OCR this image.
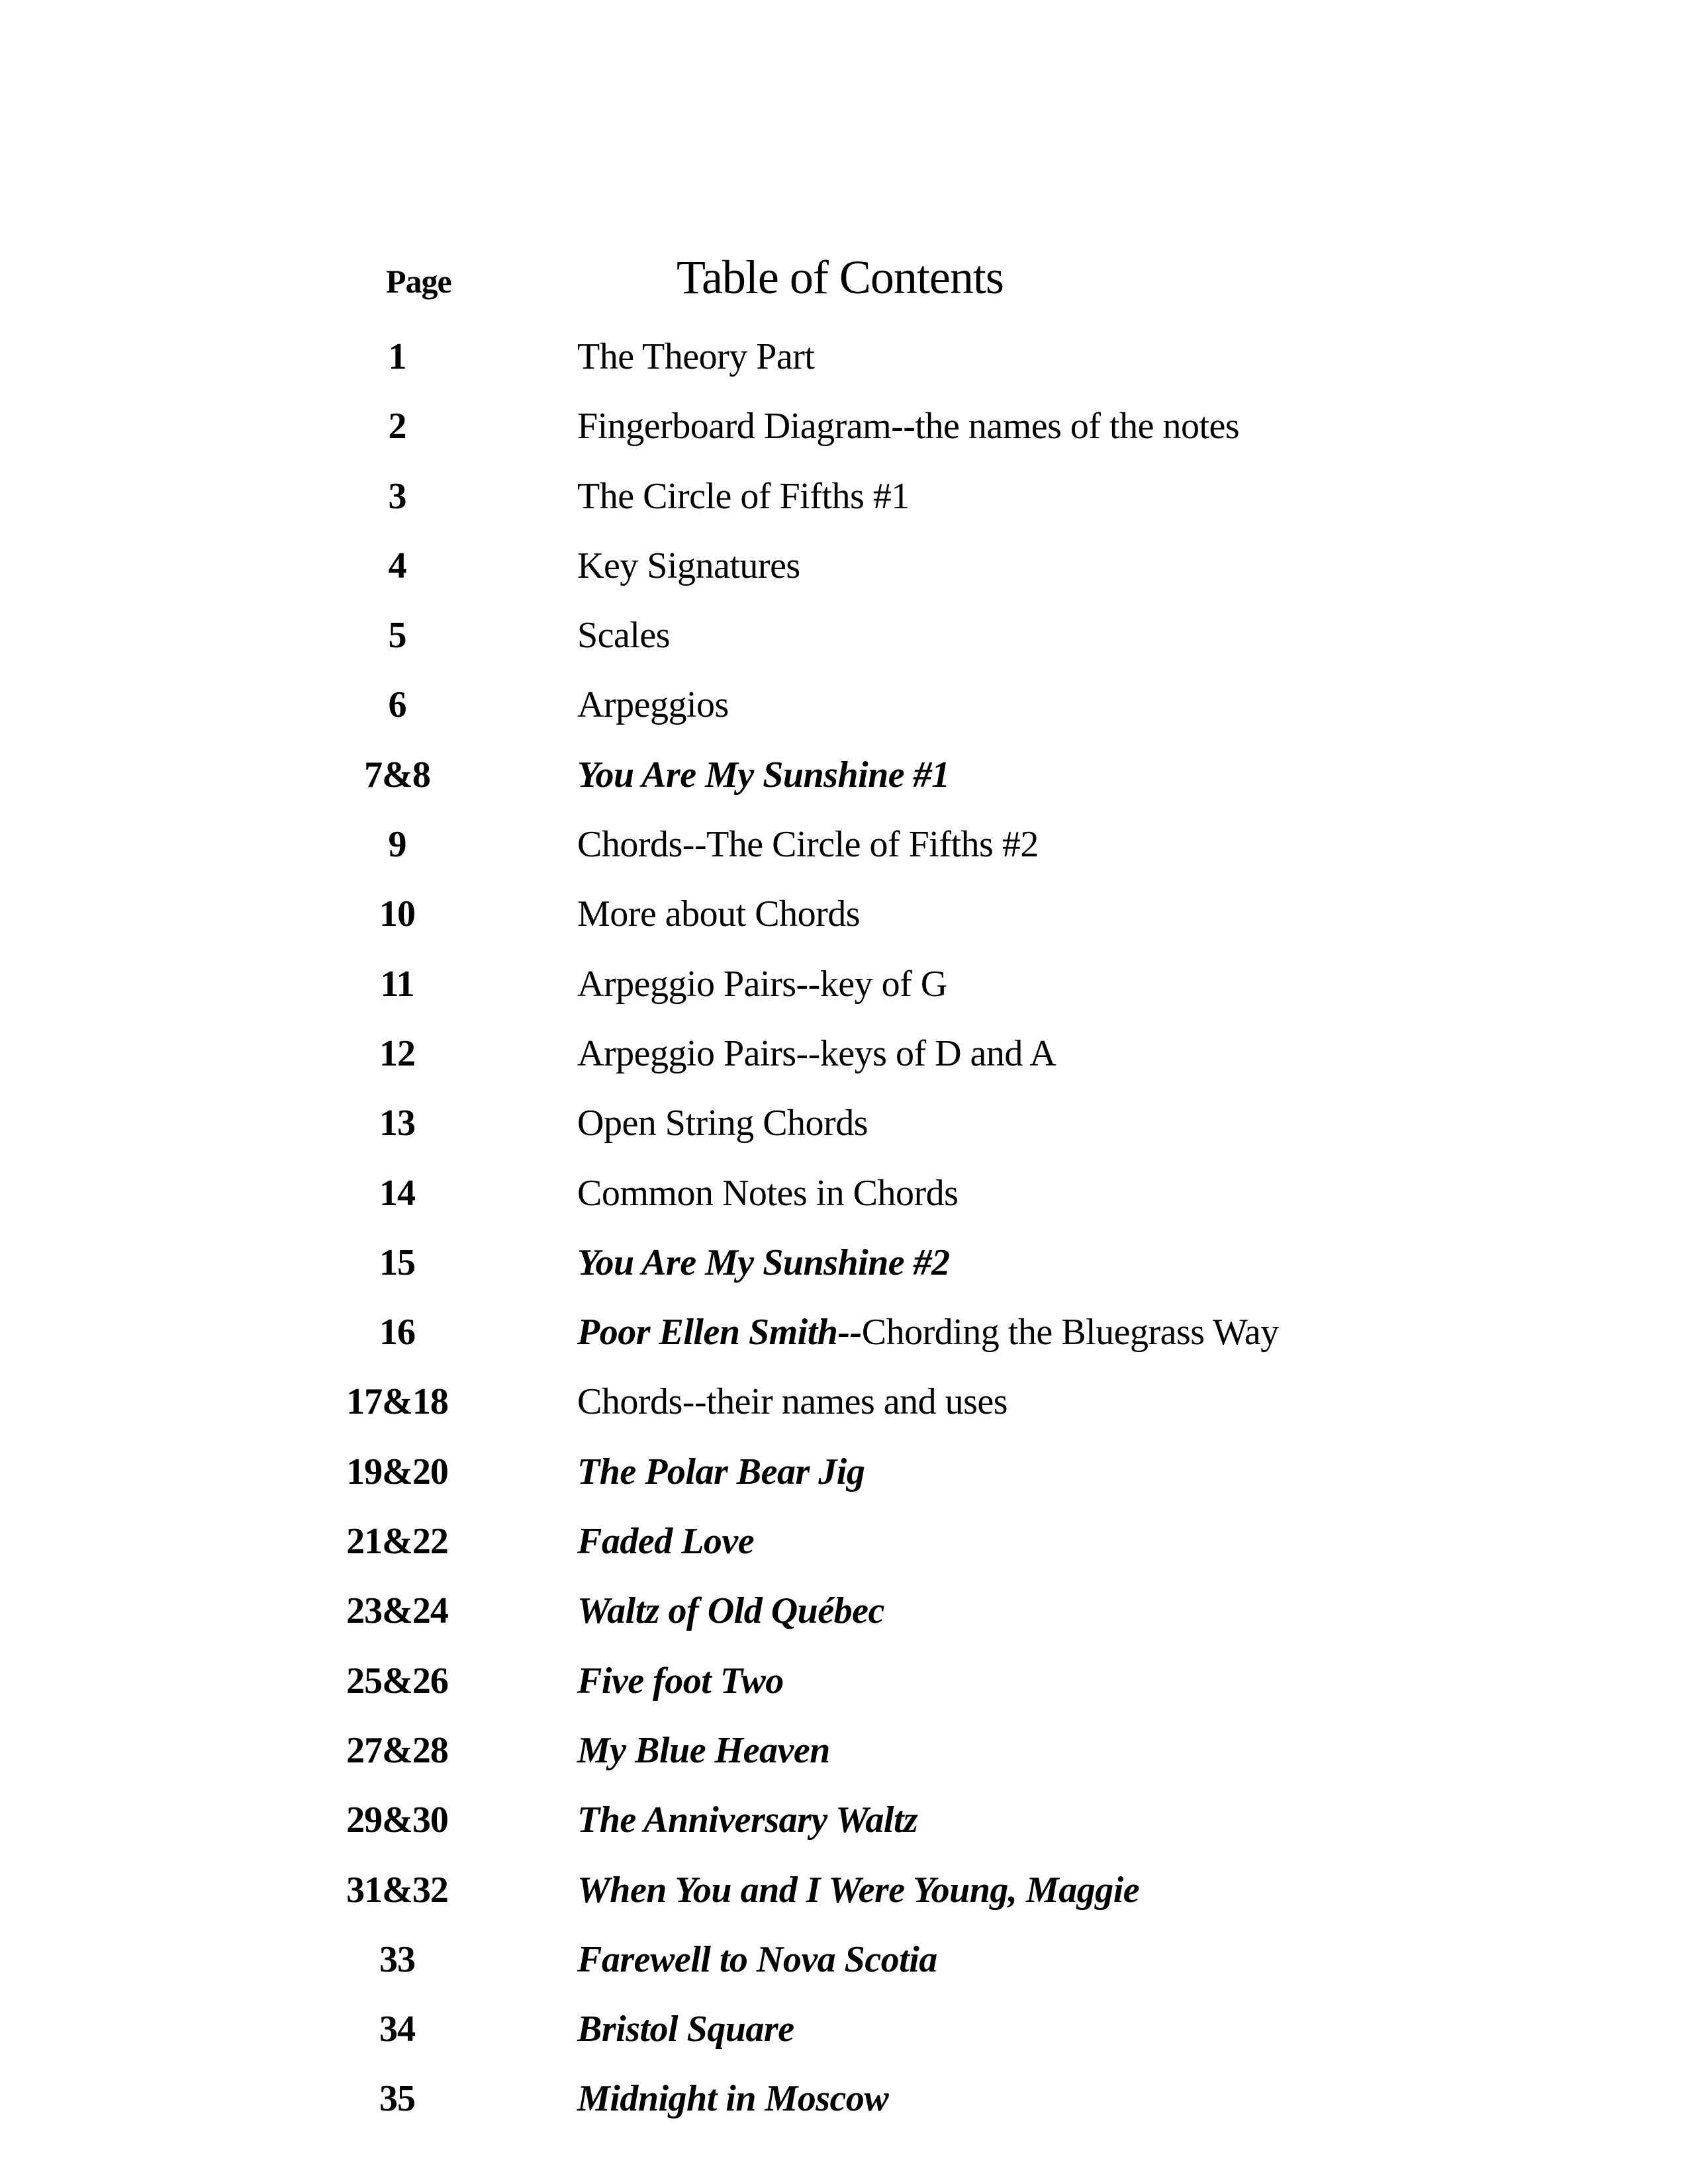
Page	Table of Contents
1	The Theory Part
2	Fingerboard Diagram--the names of the notes
3	The Circle of Fifths #1
4	Key Signatures
5	Scales
6	Arpeggios
7&8	You Are My Sunshine #1
9	Chords--The Circle of Fifths #2
10	More about Chords
11	Arpeggio Pairs--key of G
12	Arpeggio Pairs--keys of D and A
13	Open String Chords
14	Common Notes in Chords
15	You Are My Sunshine #2
16	Poor Ellen Smith--Chording the Bluegrass Way
17&18	Chords--their names and uses
19&20	The Polar Bear Jig
21&22	Faded Love
23&24	Waltz of Old Québec
25&26	Five foot Two
27&28	My Blue Heaven
29&30	The Anniversary Waltz
31&32	When You and I Were Young, Maggie
33	Farewell to Nova Scotia
34	Bristol Square
35	Midnight in Moscow
